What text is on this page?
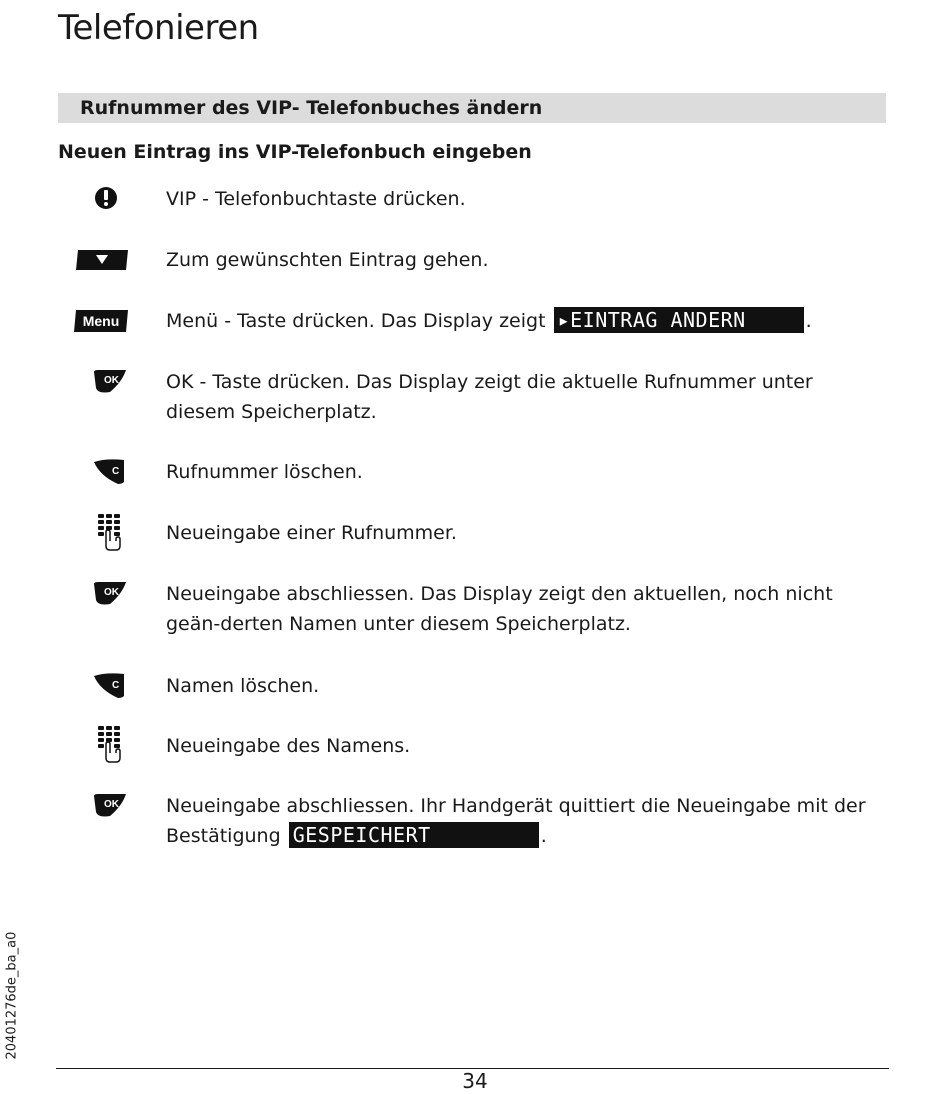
Telefonieren
Rufnummer des VIP- Telefonbuches ändern
Neuen Eintrag ins VIP-Telefonbuch eingeben
VIP - Telefonbuchtaste drücken.
Zum gewünschten Eintrag gehen.
Menu Menü - Taste drücken. Das Display zeigt ▸EINTRAG ANDERN	.
OK OK - Taste drücken. Das Display zeigt die aktuelle Rufnummer unter diesem Speicherplatz.
C Rufnummer löschen.
Neueingabe einer Rufnummer.
OK Neueingabe abschliessen. Das Display zeigt den aktuellen, noch nicht geän-derten Namen unter diesem Speicherplatz.
C Namen löschen.
Neueingabe des Namens.
OK Neueingabe abschliessen. Ihr Handgerät quittiert die Neueingabe mit der Bestätigung GESPEICHERT	.
20401276de_ba_a0
34
